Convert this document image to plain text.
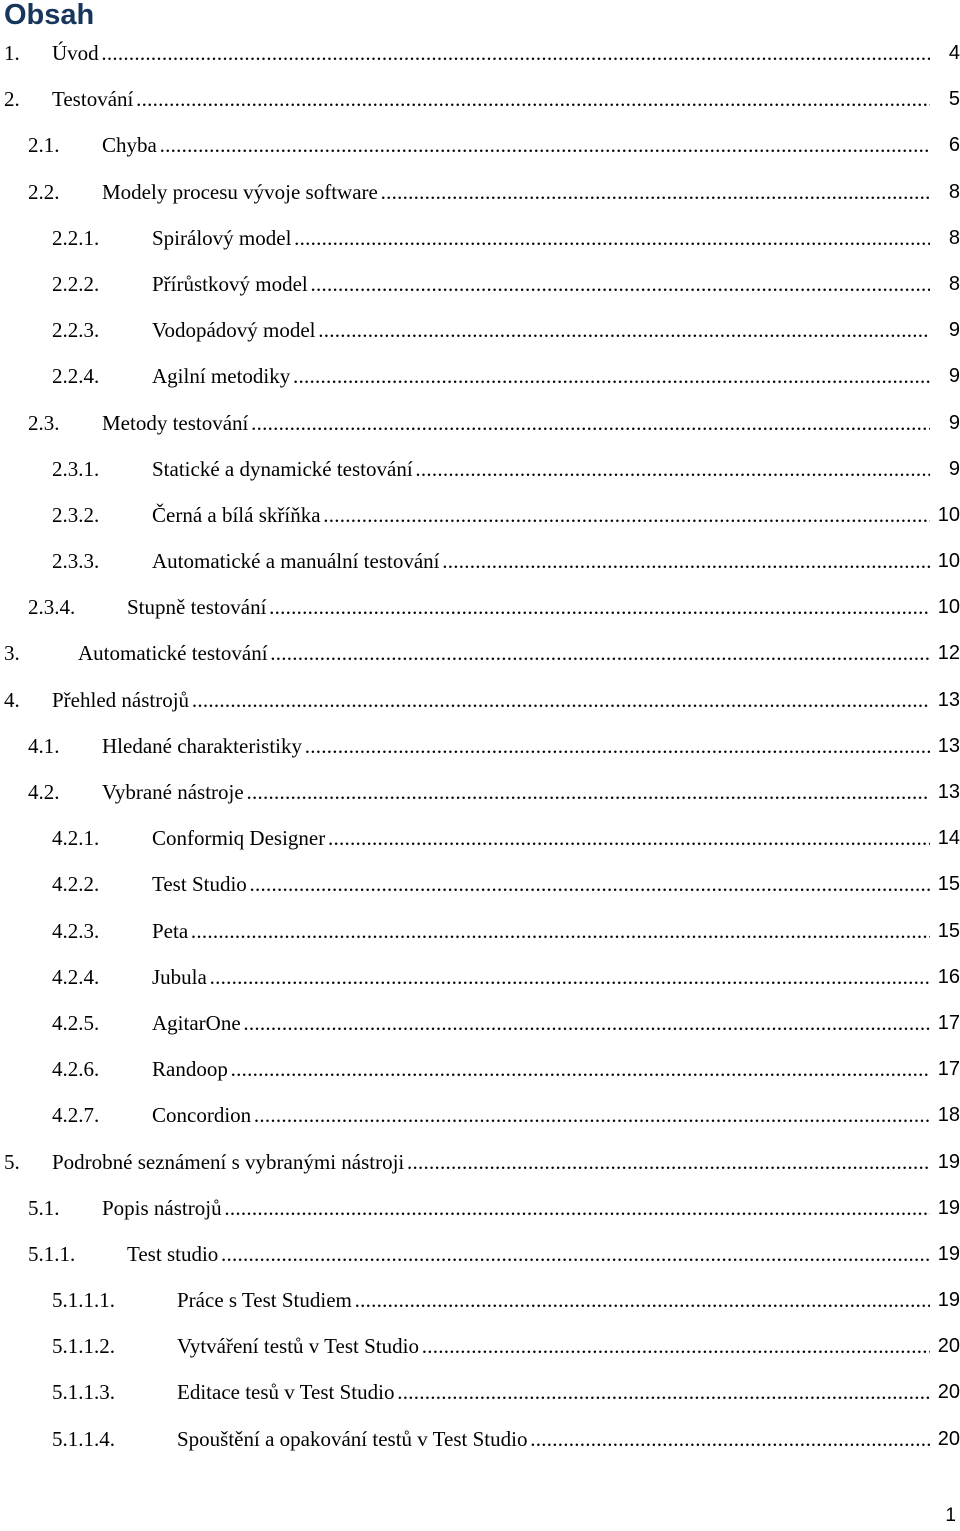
Obsah
1. Úvod . . .	4
2. Testování . . .	5
2.1. Chyba . . .	6
2.2. Modely procesu vývoje software . . .	8
2.2.1.	Spirálový model . . .	8
2.2.2.	Přírůstkový model . . .	8
2.2.3.	Vodopádový model . . .	9
2.2.4.	Agilní metodiky . . .	9
2.3. Metody testování . . .	9
2.3.1.	Statické a dynamické testování . . .	9
2.3.2.	Černá a bílá skříňka . . .	10
2.3.3.	Automatické a manuální testování . . .	10
2.3.4. Stupně testování . . .	10
3.	Automatické testování . . .	12
4. Přehled nástrojů . . .	13
4.1. Hledané charakteristiky . . .	13
4.2. Vybrané nástroje . . .	13
4.2.1.	Conformiq Designer . . .	14
4.2.2.	Test Studio . . .	15
4.2.3.	Peta . . .	15
4.2.4.	Jubula . . .	16
4.2.5.	AgitarOne . . .	17
4.2.6.	Randoop . . .	17
4.2.7.	Concordion . . .	18
5. Podrobné seznámení s vybranými nástroji . . .	19
5.1. Popis nástrojů . . .	19
5.1.1. Test studio . . .	19
5.1.1.1.	Práce s Test Studiem . . .	19
5.1.1.2.	Vytváření testů v Test Studio . . .	20
5.1.1.3.	Editace tesů v Test Studio . . .	20
5.1.1.4.	Spouštění a opakování testů v Test Studio . . .	20
1
